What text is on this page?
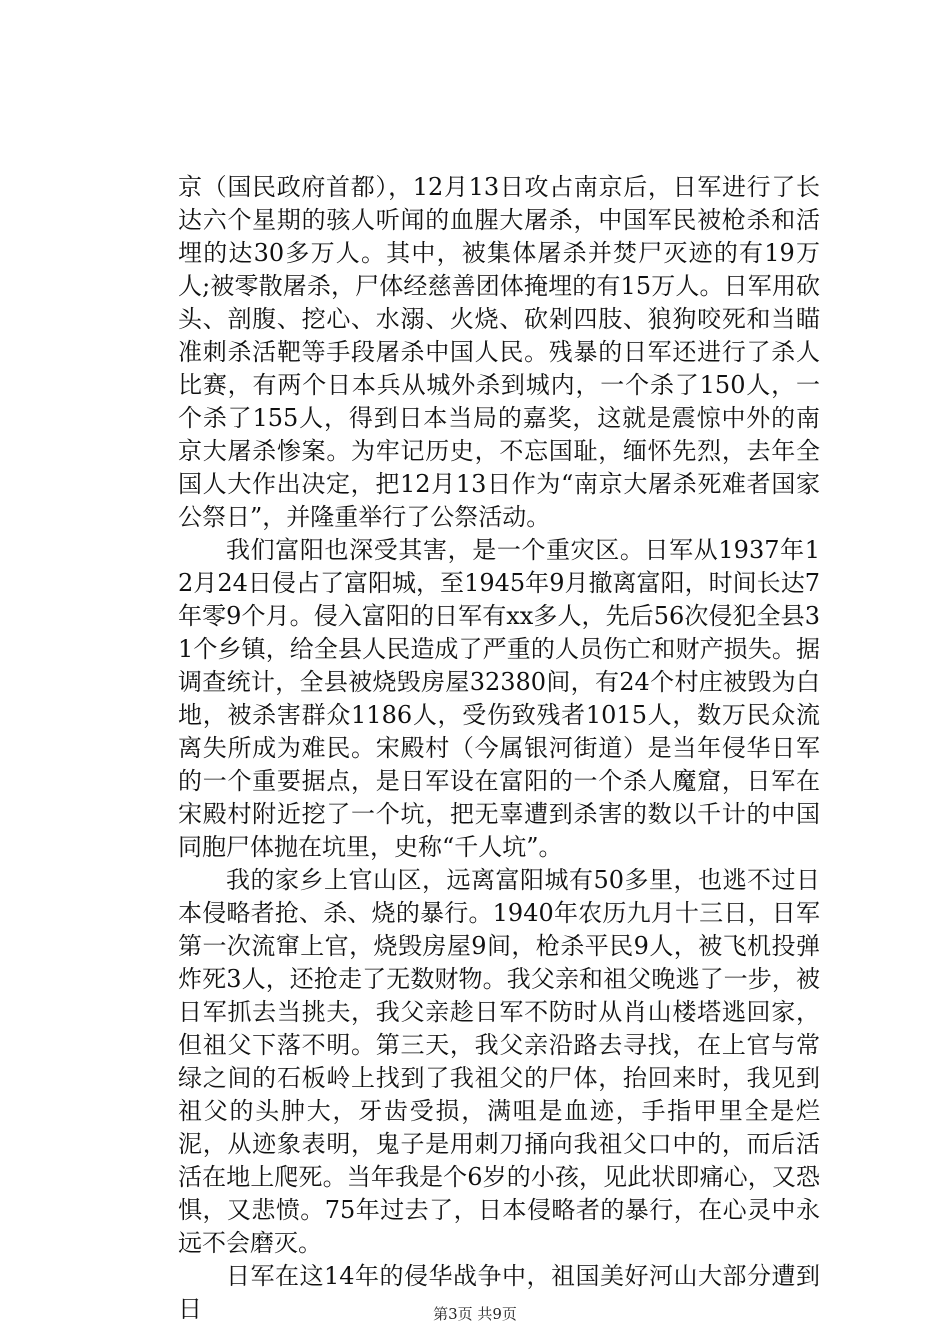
京（国民政府首都），12月13日攻占南京后，日军进行了长达六个星期的骇人听闻的血腥大屠杀，中国军民被枪杀和活埋的达30多万人。其中，被集体屠杀并焚尸灭迹的有19万人;被零散屠杀，尸体经慈善团体掩埋的有15万人。日军用砍头、剖腹、挖心、水溺、火烧、砍剁四肢、狼狗咬死和当瞄准刺杀活靶等手段屠杀中国人民。残暴的日军还进行了杀人比赛，有两个日本兵从城外杀到城内，一个杀了150人，一个杀了155人，得到日本当局的嘉奖，这就是震惊中外的南京大屠杀惨案。为牢记历史，不忘国耻，缅怀先烈，去年全国人大作出决定，把12月13日作为“南京大屠杀死难者国家公祭日”，并隆重举行了公祭活动。

我们富阳也深受其害，是一个重灾区。日军从1937年12月24日侵占了富阳城，至1945年9月撤离富阳，时间长达7年零9个月。侵入富阳的日军有xx多人，先后56次侵犯全县31个乡镇，给全县人民造成了严重的人员伤亡和财产损失。据调查统计，全县被烧毁房屋32380间，有24个村庄被毁为白地，被杀害群众1186人，受伤致残者1015人，数万民众流离失所成为难民。宋殿村（今属银河街道）是当年侵华日军的一个重要据点，是日军设在富阳的一个杀人魔窟，日军在宋殿村附近挖了一个坑，把无辜遭到杀害的数以千计的中国同胞尸体抛在坑里，史称“千人坑”。

我的家乡上官山区，远离富阳城有50多里，也逃不过日本侵略者抢、杀、烧的暴行。1940年农历九月十三日，日军第一次流窜上官，烧毁房屋9间，枪杀平民9人，被飞机投弹炸死3人，还抢走了无数财物。我父亲和祖父晚逃了一步，被日军抓去当挑夫，我父亲趁日军不防时从肖山楼塔逃回家，但祖父下落不明。第三天，我父亲沿路去寻找，在上官与常绿之间的石板岭上找到了我祖父的尸体，抬回来时，我见到祖父的头肿大，牙齿受损，满咀是血迹，手指甲里全是烂泥，从迹象表明，鬼子是用刺刀捅向我祖父口中的，而后活活在地上爬死。当年我是个6岁的小孩，见此状即痛心，又恐惧，又悲愤。75年过去了，日本侵略者的暴行，在心灵中永远不会磨灭。

日军在这14年的侵华战争中，祖国美好河山大部分遭到日	第3页 共9页
